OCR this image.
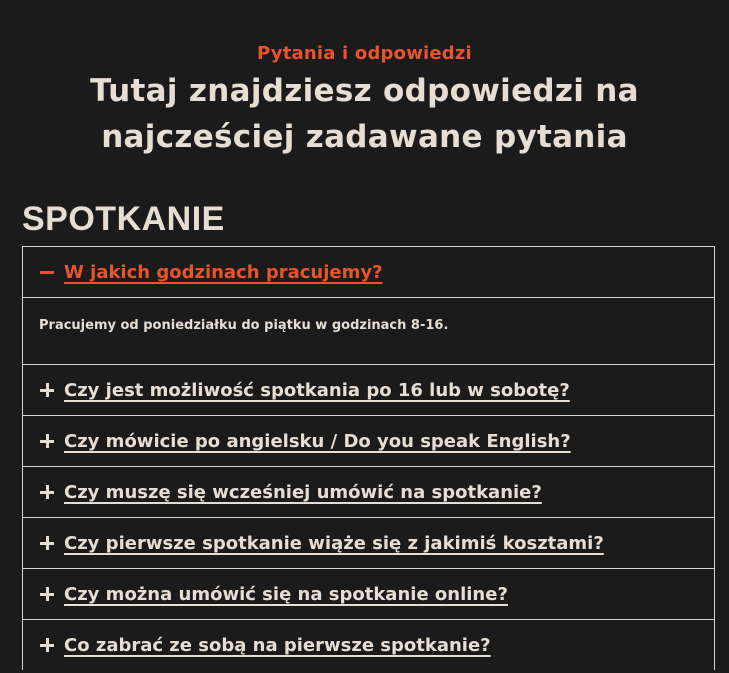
Pytania i odpowiedzi
Tutaj znajdziesz odpowiedzi na najcześciej zadawane pytania
SPOTKANIE
W jakich godzinach pracujemy?
Pracujemy od poniedziałku do piątku w godzinach 8-16.
Czy jest możliwość spotkania po 16 lub w sobotę?
Czy mówicie po angielsku / Do you speak English?
Czy muszę się wcześniej umówić na spotkanie?
Czy pierwsze spotkanie wiąże się z jakimiś kosztami?
Czy można umówić się na spotkanie online?
Co zabrać ze sobą na pierwsze spotkanie?
